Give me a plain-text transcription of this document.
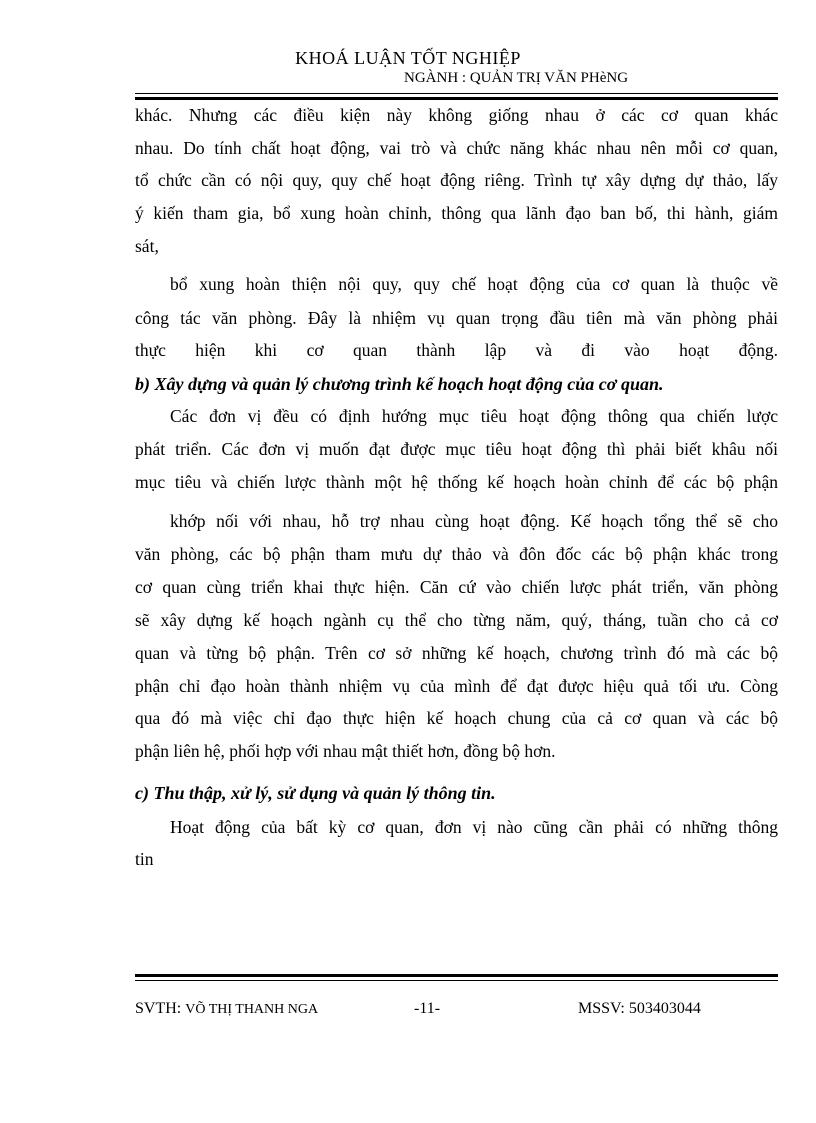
KHOÁ LUẬN TỐT NGHIỆP
NGÀNH : QUẢN TRỊ VĂN PHèNG
khác. Nhưng các điều kiện này không giống nhau ở các cơ quan khác
nhau. Do tính chất hoạt động, vai trò và chức năng khác nhau nên mỗi cơ quan,
tổ chức cần có nội quy, quy chế hoạt động riêng. Trình tự xây dựng dự thảo, lấy
ý kiến tham gia, bổ xung hoàn chỉnh, thông qua lãnh đạo ban bố, thi hành, giám
sát,
bổ xung hoàn thiện nội quy, quy chế hoạt động của cơ quan là thuộc về
công tác văn phòng. Đây là nhiệm vụ quan trọng đầu tiên mà văn phòng phải
thực hiện khi cơ quan thành lập và đi vào hoạt động.
b) Xây dựng và quản lý chương trình kế hoạch hoạt động của cơ quan.
Các đơn vị đều có định hướng mục tiêu hoạt động thông qua chiến lược
phát triển. Các đơn vị muốn đạt được mục tiêu hoạt động thì phải biết khâu nối
mục tiêu và chiến lược thành một hệ thống kế hoạch hoàn chỉnh để các bộ phận
khớp nối với nhau, hỗ trợ nhau cùng hoạt động. Kế hoạch tổng thể sẽ cho
văn phòng, các bộ phận tham mưu dự thảo và đôn đốc các bộ phận khác trong
cơ quan cùng triển khai thực hiện. Căn cứ vào chiến lược phát triển, văn phòng
sẽ xây dựng kế hoạch ngành cụ thể cho từng năm, quý, tháng, tuần cho cả cơ
quan và từng bộ phận. Trên cơ sở những kế hoạch, chương trình đó mà các bộ
phận chỉ đạo hoàn thành nhiệm vụ của mình để đạt được hiệu quả tối ưu. Còng
qua đó mà việc chỉ đạo thực hiện kế hoạch chung của cả cơ quan và các bộ
phận liên hệ, phối hợp với nhau mật thiết hơn, đồng bộ hơn.
c) Thu thập, xử lý, sử dụng và quản lý thông tin.
Hoạt động của bất kỳ cơ quan, đơn vị nào cũng cần phải có những thông
tin
SVTH: VÕ THỊ THANH NGA	-11-	MSSV: 503403044
